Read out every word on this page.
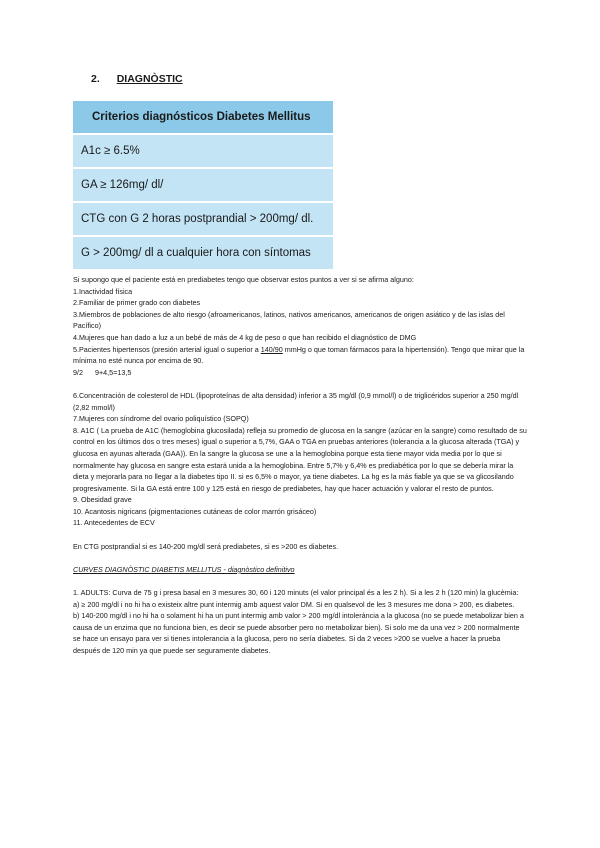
2. DIAGNÒSTIC
Criterios diagnósticos Diabetes Mellitus
A1c ≥ 6.5%
GA ≥ 126mg/ dl/
CTG con G 2 horas postprandial > 200mg/ dl.
G > 200mg/ dl a cualquier hora con síntomas

Si supongo que el paciente está en prediabetes tengo que observar estos puntos a ver si se afirma alguno:

1.Inactividad física

2.Familiar de primer grado con diabetes

3.Miembros de poblaciones de alto riesgo (afroamericanos, latinos, nativos americanos, americanos de origen asiático y de las islas del Pacífico)

4.Mujeres que han dado a luz a un bebé de más de 4 kg de peso o que han recibido el diagnóstico de DMG

5.Pacientes hipertensos (presión arterial igual o superior a 140/90 mmHg o que toman fármacos para la hipertensión). Tengo que mirar que la mínima no esté nunca por encima de 90.

9/2      9+4,5=13,5

6.Concentración de colesterol de HDL (lipoproteínas de alta densidad) inferior a 35 mg/dl (0,9 mmol/l) o de triglicéridos superior a 250 mg/dl (2,82 mmol/l)

7.Mujeres con síndrome del ovario poliquístico (SOPQ)

8. A1C ( La prueba de A1C (hemoglobina glucosilada) refleja su promedio de glucosa en la sangre (azúcar en la sangre) como resultado de su control en los últimos dos o tres meses) igual o superior a 5,7%, GAA o TGA en pruebas anteriores (tolerancia a la glucosa alterada (TGA) y glucosa en ayunas alterada (GAA)). En la sangre la glucosa se une a la hemoglobina porque esta tiene mayor vida media por lo que si normalmente hay glucosa en sangre esta estará unida a la hemoglobina. Entre 5,7% y 6,4% es prediabética por lo que se debería mirar la dieta y mejorarla para no llegar a la diabetes tipo II. si es 6,5% o mayor, ya tiene diabetes. La hg es la más fiable ya que se va glicosilando progresivamente. Si la GA está entre 100 y 125 está en riesgo de prediabetes, hay que hacer actuación y valorar el resto de puntos.

9. Obesidad grave

10. Acantosis nigricans (pigmentaciones cutáneas de color marrón grisáceo)

11. Antecedentes de ECV

En CTG postprandial si es 140-200 mg/dl será prediabetes, si es >200 es diabetes.

CURVES DIAGNÒSTIC DIABETIS MELLITUS - diagnòstico definitivo

1. ADULTS: Curva de 75 g i presa basal en 3 mesures 30, 60 i 120 minuts (el valor principal és a les 2 h). Si a les 2 h (120 min) la glucèmia:

a) ≥ 200 mg/dl i no hi ha o existeix altre punt intermig amb aquest valor DM. Si en qualsevol de les 3 mesures me dona > 200, es diabetes.

b) 140-200 mg/dl i no hi ha o solament hi ha un punt intermig amb valor > 200 mg/dl intolerància a la glucosa (no se puede metabolizar bien a causa de un enzima que no funciona bien, es decir se puede absorber pero no metabolizar bien). Si solo me da una vez > 200 normalmente se hace un ensayo para ver si tienes intolerancia a la glucosa, pero no sería diabetes. Si da 2 veces >200 se vuelve a hacer la prueba después de 120 min ya que puede ser seguramente diabetes.
